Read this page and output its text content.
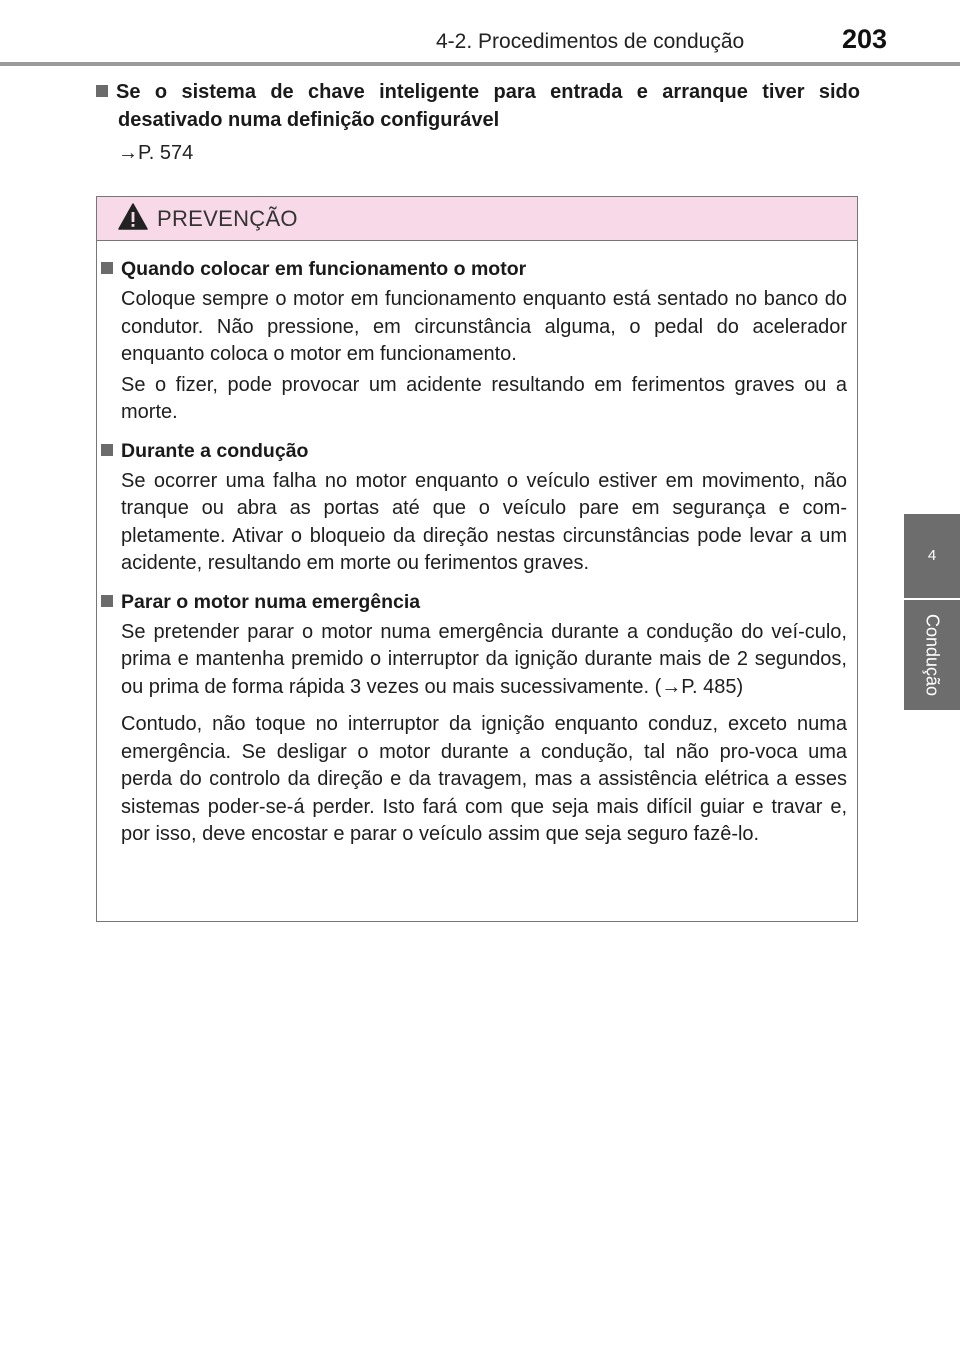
4-2. Procedimentos de condução	203
4
Condução
Se o sistema de chave inteligente para entrada e arranque tiver sido desativado numa definição configurável
→P. 574
PREVENÇÃO
Quando colocar em funcionamento o motor
Coloque sempre o motor em funcionamento enquanto está sentado no banco do condutor. Não pressione, em circunstância alguma, o pedal do acelerador enquanto coloca o motor em funcionamento.
Se o fizer, pode provocar um acidente resultando em ferimentos graves ou a morte.
Durante a condução
Se ocorrer uma falha no motor enquanto o veículo estiver em movimento, não tranque ou abra as portas até que o veículo pare em segurança e com-pletamente. Ativar o bloqueio da direção nestas circunstâncias pode levar a um acidente, resultando em morte ou ferimentos graves.
Parar o motor numa emergência
Se pretender parar o motor numa emergência durante a condução do veí-culo, prima e mantenha premido o interruptor da ignição durante mais de 2 segundos, ou prima de forma rápida 3 vezes ou mais sucessivamente. (→P. 485)
Contudo, não toque no interruptor da ignição enquanto conduz, exceto numa emergência. Se desligar o motor durante a condução, tal não pro-voca uma perda do controlo da direção e da travagem, mas a assistência elétrica a esses sistemas poder-se-á perder. Isto fará com que seja mais difícil guiar e travar e, por isso, deve encostar e parar o veículo assim que seja seguro fazê-lo.
